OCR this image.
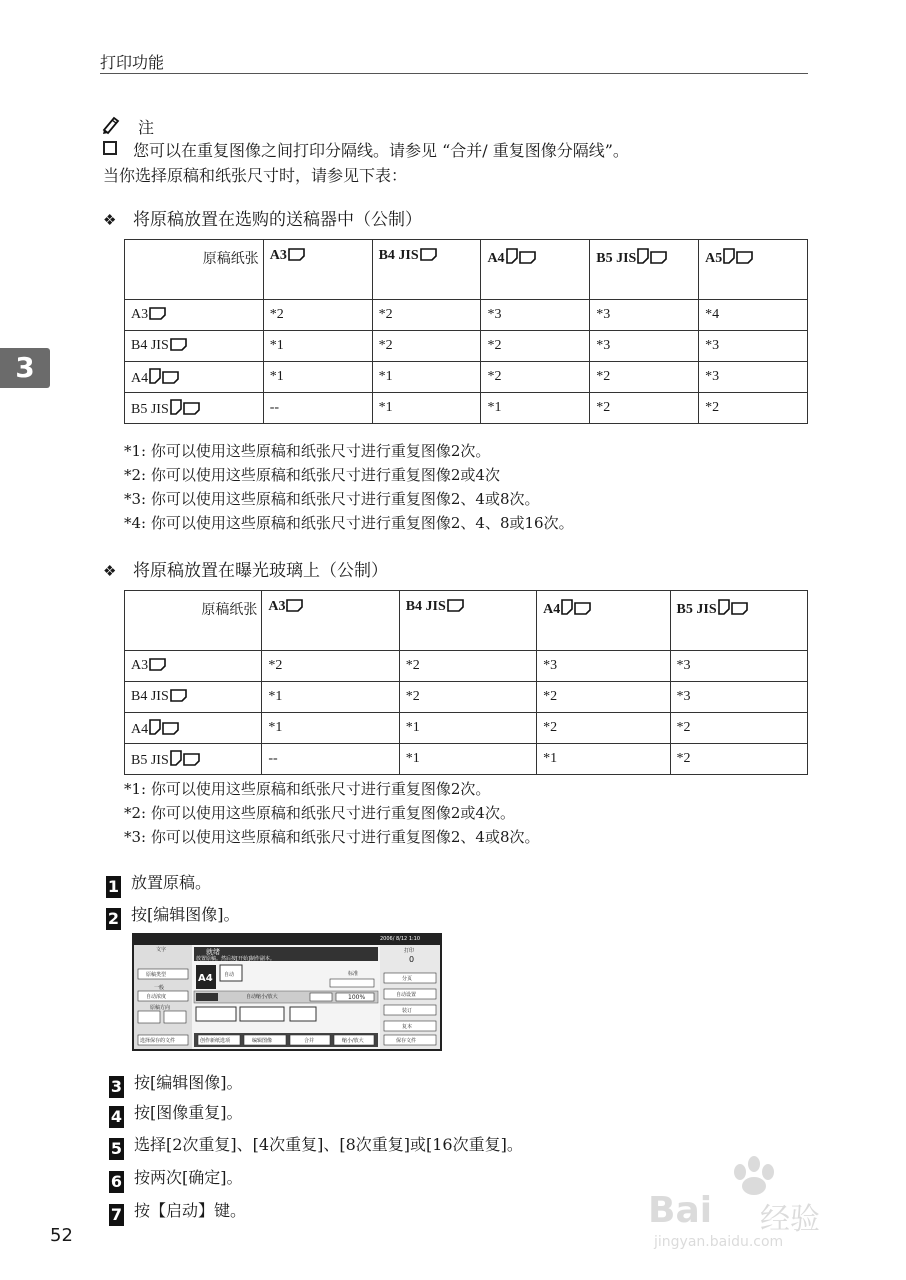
打印功能
注
您可以在重复图像之间打印分隔线。请参见 “合并/ 重复图像分隔线”。
当你选择原稿和纸张尺寸时，请参见下表：
❖ 将原稿放置在选购的送稿器中（公制）
原稿纸张	A3	B4 JIS	A4	B5 JIS	A5

A3	*2	*2	*3	*3	*4
B4 JIS	*1	*2	*2	*3	*3
A4	*1	*1	*2	*2	*3
B5 JIS	--	*1	*1	*2	*2
*1: 你可以使用这些原稿和纸张尺寸进行重复图像2次。
*2: 你可以使用这些原稿和纸张尺寸进行重复图像2或4次
*3: 你可以使用这些原稿和纸张尺寸进行重复图像2、4或8次。
*4: 你可以使用这些原稿和纸张尺寸进行重复图像2、4、8或16次。
❖ 将原稿放置在曝光玻璃上（公制）
原稿纸张	A3	B4 JIS	A4	B5 JIS

A3	*2	*2	*3	*3
B4 JIS	*1	*2	*2	*3
A4	*1	*1	*2	*2
B5 JIS	--	*1	*1	*2
*1: 你可以使用这些原稿和纸张尺寸进行重复图像2次。
*2: 你可以使用这些原稿和纸张尺寸进行重复图像2或4次。
*3: 你可以使用这些原稿和纸张尺寸进行重复图像2、4或8次。
1 放置原稿。
2 按[编辑图像]。
3 按[编辑图像]。
4 按[图像重复]。
5 选择[2次重复]、[4次重复]、[8次重复]或[16次重复]。
6 按两次[确定]。
7 按【启动】键。
2006/ 8/12 1:10
就绪
放置原稿。然后按[开始]制作副本。
打印
0
A4 自动	标准
自动缩小/放大	100%
文字
原稿类型
一般
自动浓度
原稿方向
选择保存的文件
分页
自动设置
装订
复本
保存文件
创作新纸选项	编辑图像	合并	缩小/放大
3
52
Bai 经验
jingyan.baidu.com
